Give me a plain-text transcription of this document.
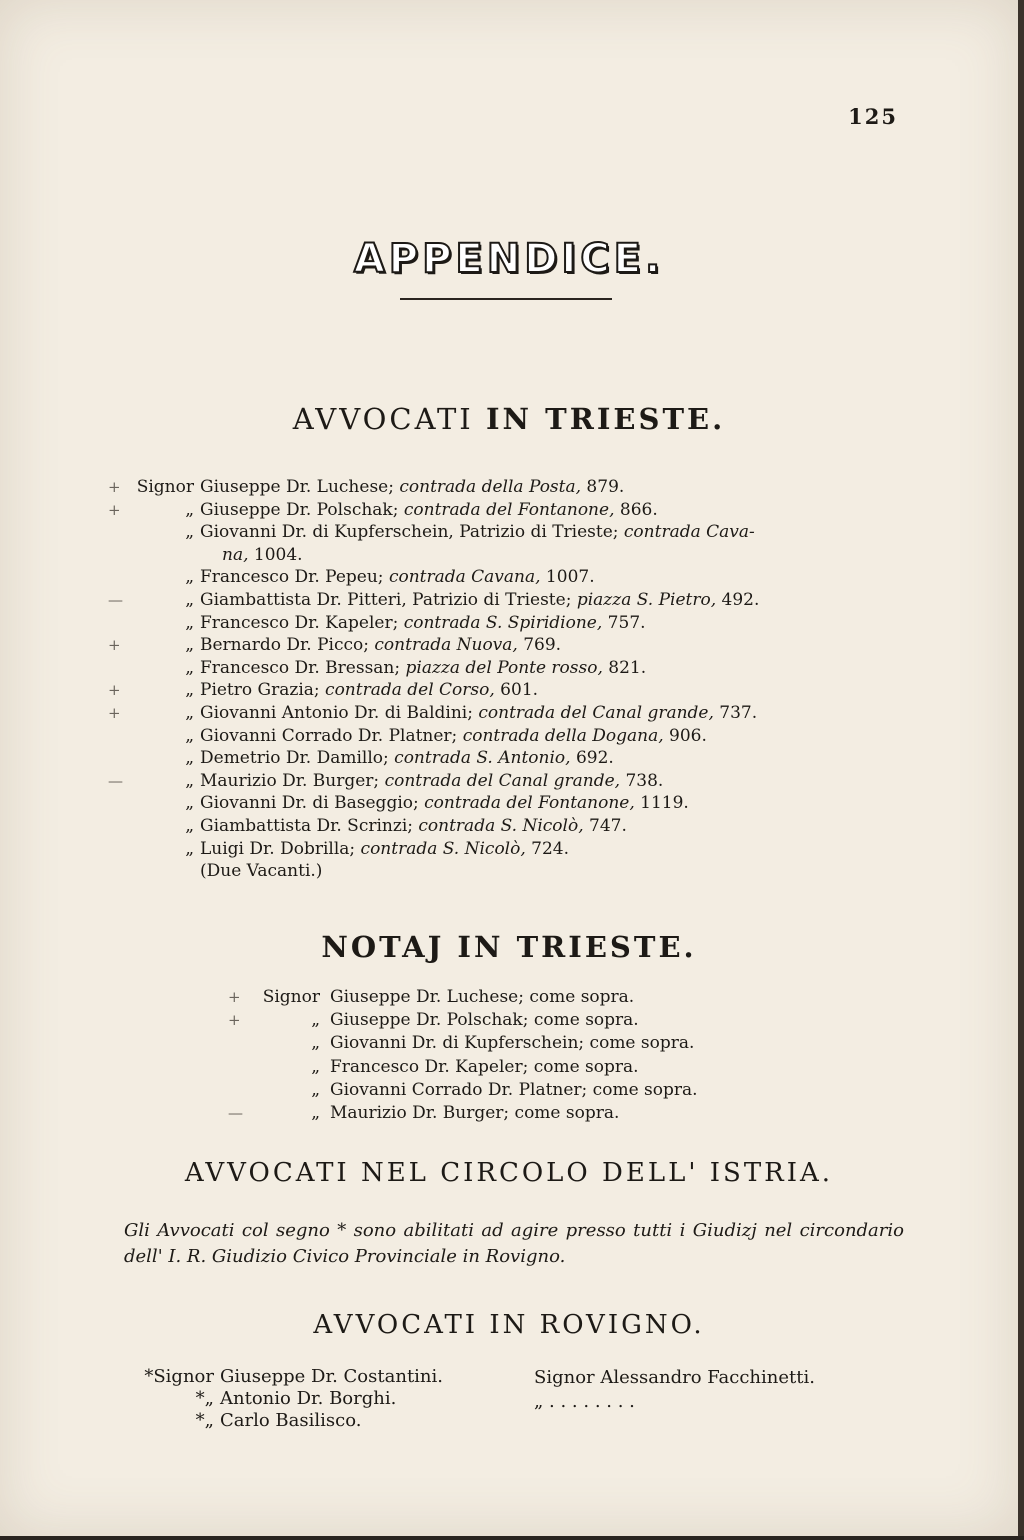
125
APPENDICE.
AVVOCATI IN TRIESTE.
+ Signor Giuseppe Dr. Luchese; contrada della Posta, 879.
+	„ Giuseppe Dr. Polschak; contrada del Fontanone, 866.
„ Giovanni Dr. di Kupferschein, Patrizio di Trieste; contrada Cava-
na, 1004.
„ Francesco Dr. Pepeu; contrada Cavana, 1007.
—	„ Giambattista Dr. Pitteri, Patrizio di Trieste; piazza S. Pietro, 492.
„ Francesco Dr. Kapeler; contrada S. Spiridione, 757.
+	„ Bernardo Dr. Picco; contrada Nuova, 769.
„ Francesco Dr. Bressan; piazza del Ponte rosso, 821.
+	„ Pietro Grazia; contrada del Corso, 601.
+	„ Giovanni Antonio Dr. di Baldini; contrada del Canal grande, 737.
„ Giovanni Corrado Dr. Platner; contrada della Dogana, 906.
„ Demetrio Dr. Damillo; contrada S. Antonio, 692.
—	„ Maurizio Dr. Burger; contrada del Canal grande, 738.
„ Giovanni Dr. di Baseggio; contrada del Fontanone, 1119.
„ Giambattista Dr. Scrinzi; contrada S. Nicolò, 747.
„ Luigi Dr. Dobrilla; contrada S. Nicolò, 724.
(Due Vacanti.)
NOTAJ IN TRIESTE.
+	Signor Giuseppe Dr. Luchese; come sopra.
+	„ Giuseppe Dr. Polschak; come sopra.
„ Giovanni Dr. di Kupferschein; come sopra.
„ Francesco Dr. Kapeler; come sopra.
„ Giovanni Corrado Dr. Platner; come sopra.
—	„ Maurizio Dr. Burger; come sopra.
AVVOCATI NEL CIRCOLO DELL' ISTRIA.
Gli Avvocati col segno * sono abilitati ad agire presso tutti i Giudizj nel circondario dell' I. R. Giudizio Civico Provinciale in Rovigno.
AVVOCATI IN ROVIGNO.
*Signor Giuseppe Dr. Costantini.
*„ Antonio Dr. Borghi.
*„ Carlo Basilisco.
Signor Alessandro Facchinetti.
„ . . . . . . . .
